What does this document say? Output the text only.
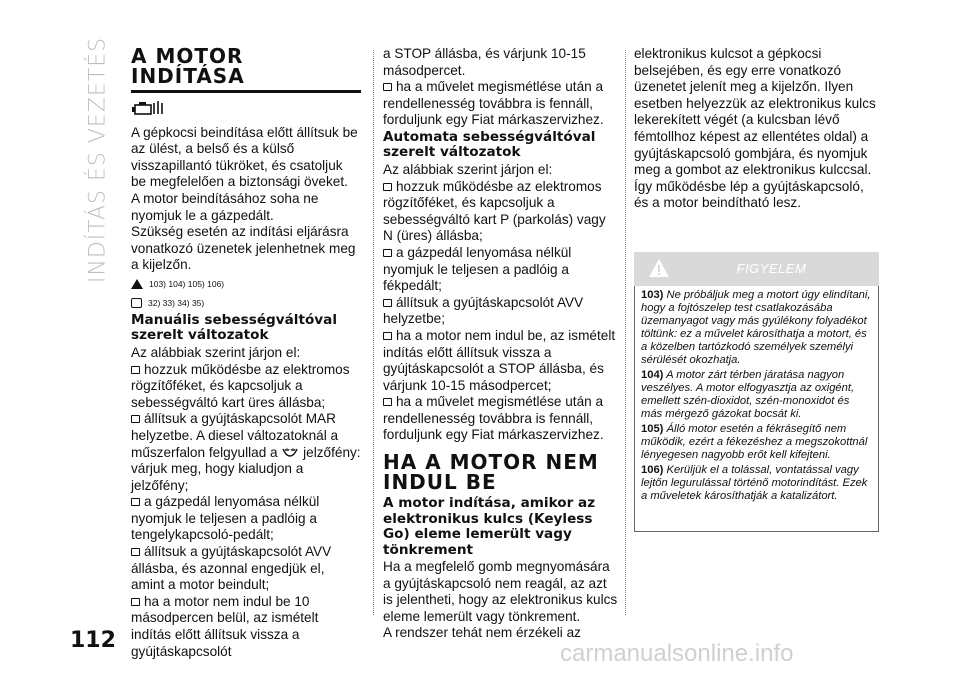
INDÍTÁS ÉS VEZETÉS A MOTOR INDÍTÁSA

A gépkocsi beindítása előtt állítsuk be az ülést, a belső és a külső visszapillantó tükröket, és csatoljuk be megfelelően a biztonsági öveket.

A motor beindításához soha ne nyomjuk le a gázpedált.

Szükség esetén az indítási eljárásra vonatkozó üzenetek jelenhetnek meg a kijelzőn.

103) 104) 105) 106)
32) 33) 34) 35)
Manuális sebességváltóval szerelt változatok

Az alábbiak szerint járjon el:

hozzuk működésbe az elektromos rögzítőféket, és kapcsoljuk a sebességváltó kart üres állásba;

állítsuk a gyújtáskapcsolót MAR helyzetbe. A diesel változatoknál a műszerfalon felgyullad a jelzőfény: várjuk meg, hogy kialudjon a jelzőfény;

a gázpedál lenyomása nélkül nyomjuk le teljesen a padlóig a tengelykapcsoló-pedált;

állítsuk a gyújtáskapcsolót AVV állásba, és azonnal engedjük el, amint a motor beindult;

ha a motor nem indul be 10 másodpercen belül, az ismételt indítás előtt állítsuk vissza a gyújtáskapcsolót

a STOP állásba, és várjunk 10-15 másodpercet.

ha a művelet megismétlése után a rendellenesség továbbra is fennáll, forduljunk egy Fiat márkaszervizhez.

Automata sebességváltóval szerelt változatok

Az alábbiak szerint járjon el:

hozzuk működésbe az elektromos rögzítőféket, és kapcsoljuk a sebességváltó kart P (parkolás) vagy N (üres) állásba;

a gázpedál lenyomása nélkül nyomjuk le teljesen a padlóig a fékpedált;

állítsuk a gyújtáskapcsolót AVV helyzetbe;

ha a motor nem indul be, az ismételt indítás előtt állítsuk vissza a gyújtáskapcsolót a STOP állásba, és várjunk 10-15 másodpercet;

ha a művelet megismétlése után a rendellenesség továbbra is fennáll, forduljunk egy Fiat márkaszervizhez.

HA A MOTOR NEM INDUL BE
A motor indítása, amikor az elektronikus kulcs (Keyless Go) eleme lemerült vagy tönkrement

Ha a megfelelő gomb megnyomására a gyújtáskapcsoló nem reagál, az azt is jelentheti, hogy az elektronikus kulcs eleme lemerült vagy tönkrement.

A rendszer tehát nem érzékeli az

elektronikus kulcsot a gépkocsi belsejében, és egy erre vonatkozó üzenetet jelenít meg a kijelzőn. Ilyen esetben helyezzük az elektronikus kulcs lekerekített végét (a kulcsban lévő fémtollhoz képest az ellentétes oldal) a gyújtáskapcsoló gombjára, és nyomjuk meg a gombot az elektronikus kulccsal. Így működésbe lép a gyújtáskapcsoló, és a motor beindítható lesz.

FIGYELEM

103) Ne próbáljuk meg a motort úgy elindítani, hogy a fojtószelep test csatlakozásába üzemanyagot vagy más gyúlékony folyadékot töltünk: ez a művelet károsíthatja a motort, és a közelben tartózkodó személyek személyi sérülését okozhatja.

104) A motor zárt térben járatása nagyon veszélyes. A motor elfogyasztja az oxigént, emellett szén-dioxidot, szén-monoxidot és más mérgező gázokat bocsát ki.

105) Álló motor esetén a fékrásegítő nem működik, ezért a fékezéshez a megszokottnál lényegesen nagyobb erőt kell kifejteni.

106) Kerüljük el a tolással, vontatással vagy lejtőn legurulással történő motorindítást. Ezek a műveletek károsíthatják a katalizátort.

112	carmanualsonline.info
